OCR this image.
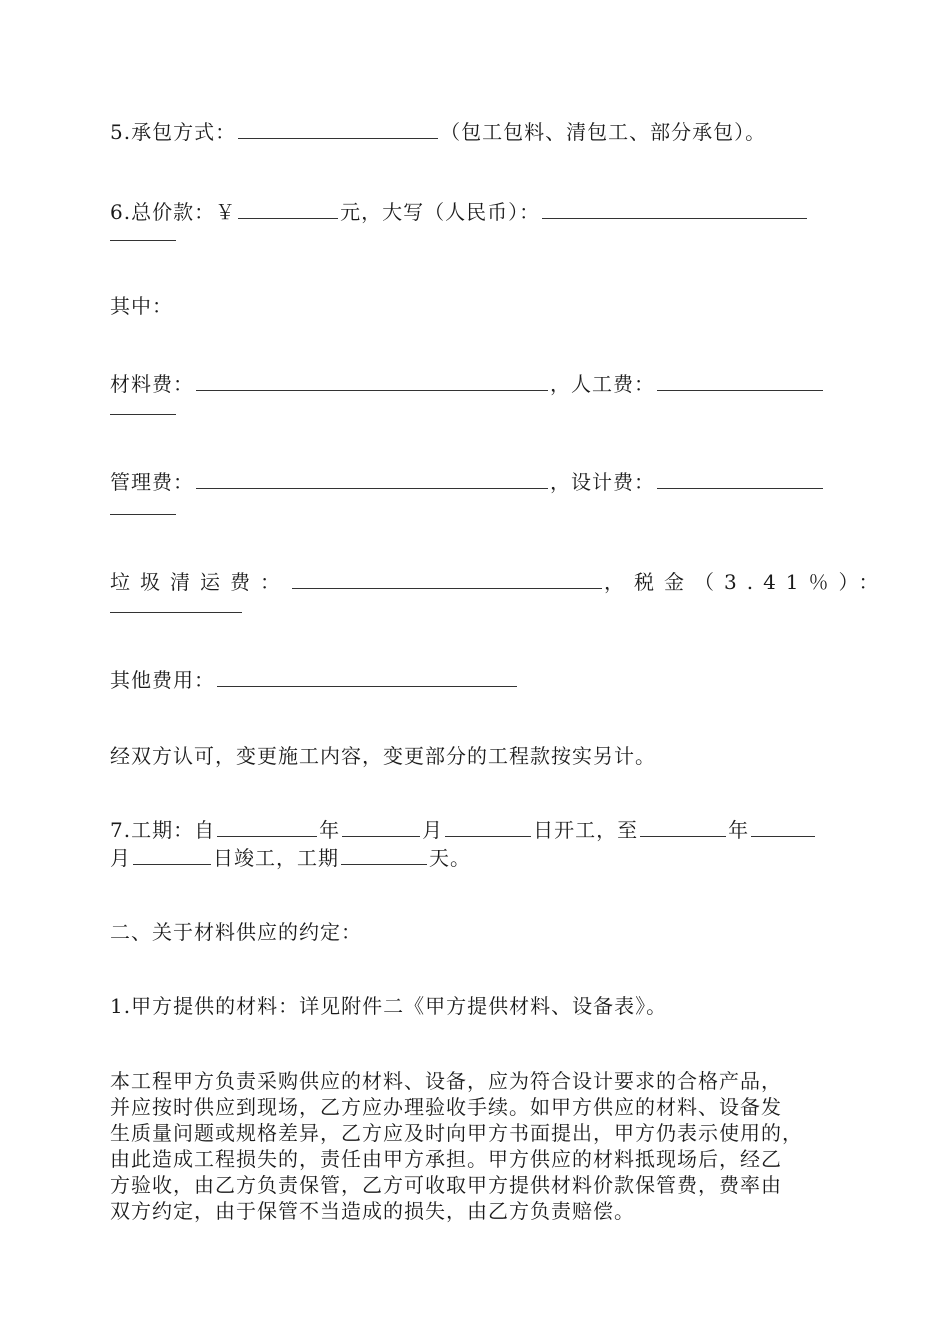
5.承包方式：	（包工包料、清包工、部分承包）。
6.总价款：￥	元，大写（人民币）：
其中：
材料费：	，人工费：
管理费：	，设计费：
垃圾清运费：	，税金（3.41％）：
其他费用：
经双方认可，变更施工内容，变更部分的工程款按实另计。
7.工期：自	年	月	日开工，至	年
月	日竣工，工期	天。
二、关于材料供应的约定：
1.甲方提供的材料：详见附件二《甲方提供材料、设备表》。
本工程甲方负责采购供应的材料、设备，应为符合设计要求的合格产品，
并应按时供应到现场，乙方应办理验收手续。如甲方供应的材料、设备发
生质量问题或规格差异，乙方应及时向甲方书面提出，甲方仍表示使用的，
由此造成工程损失的，责任由甲方承担。甲方供应的材料抵现场后，经乙
方验收，由乙方负责保管，乙方可收取甲方提供材料价款保管费，费率由
双方约定，由于保管不当造成的损失，由乙方负责赔偿。
